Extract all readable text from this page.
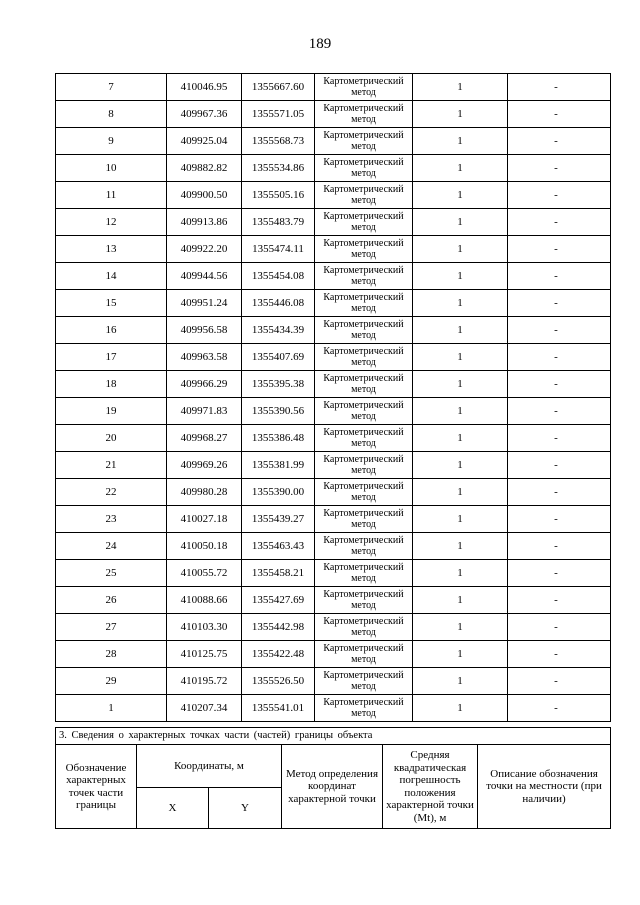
189
7	410046.95	1355667.60	Картометрический метод	1	-
8	409967.36	1355571.05	Картометрический метод	1	-
9	409925.04	1355568.73	Картометрический метод	1	-
10	409882.82	1355534.86	Картометрический метод	1	-
11	409900.50	1355505.16	Картометрический метод	1	-
12	409913.86	1355483.79	Картометрический метод	1	-
13	409922.20	1355474.11	Картометрический метод	1	-
14	409944.56	1355454.08	Картометрический метод	1	-
15	409951.24	1355446.08	Картометрический метод	1	-
16	409956.58	1355434.39	Картометрический метод	1	-
17	409963.58	1355407.69	Картометрический метод	1	-
18	409966.29	1355395.38	Картометрический метод	1	-
19	409971.83	1355390.56	Картометрический метод	1	-
20	409968.27	1355386.48	Картометрический метод	1	-
21	409969.26	1355381.99	Картометрический метод	1	-
22	409980.28	1355390.00	Картометрический метод	1	-
23	410027.18	1355439.27	Картометрический метод	1	-
24	410050.18	1355463.43	Картометрический метод	1	-
25	410055.72	1355458.21	Картометрический метод	1	-
26	410088.66	1355427.69	Картометрический метод	1	-
27	410103.30	1355442.98	Картометрический метод	1	-
28	410125.75	1355422.48	Картометрический метод	1	-
29	410195.72	1355526.50	Картометрический метод	1	-
1	410207.34	1355541.01	Картометрический метод	1	-
3. Сведения о характерных точках части (частей) границы объекта					
Обозначение характерных точек части границы	Координаты, м		Метод определения координат характерной точки	Средняя квадратическая погрешность положения характерной точки (Mt), м	Описание обозначения точки на местности (при наличии)
	X	Y			
